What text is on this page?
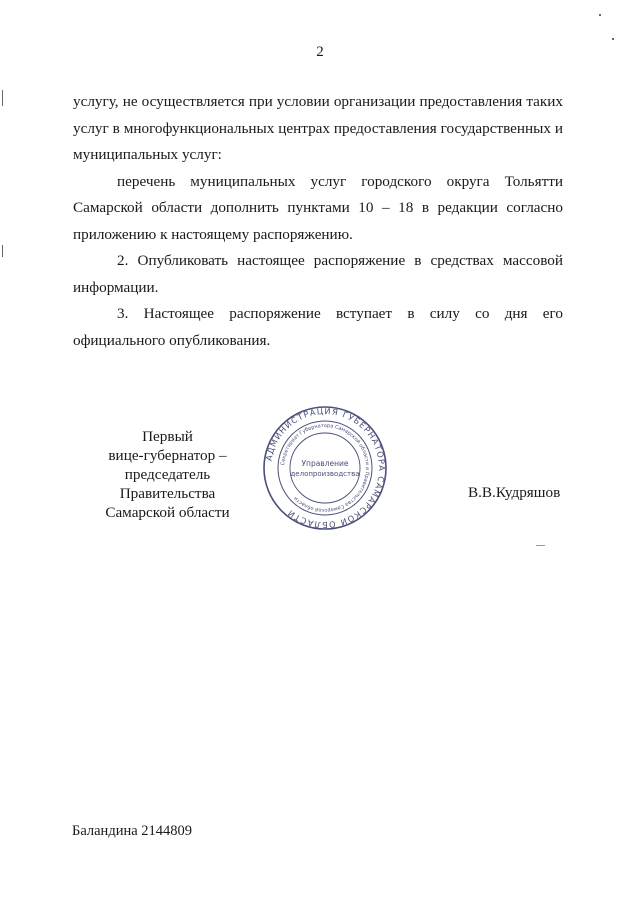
2

услугу, не осуществляется при условии организации предоставления таких услуг в многофункциональных центрах предоставления государственных и муниципальных услуг:

перечень муниципальных услуг городского округа Тольятти Самарской области дополнить пунктами 10 – 18 в редакции согласно приложению к настоящему распоряжению.

2. Опубликовать настоящее распоряжение в средствах массовой информации.

3. Настоящее распоряжение вступает в силу со дня его официального опубликования.

Первый
вице-губернатор –
председатель Правительства
Самарской области
АДМИНИСТРАЦИЯ ГУБЕРНАТОРА САМАРСКОЙ ОБЛАСТИ
Секретариат Губернатора Самарской области и Правительства Самарской области
Управление
делопроизводства
В.В.Кудряшов
Баландина 2144809
